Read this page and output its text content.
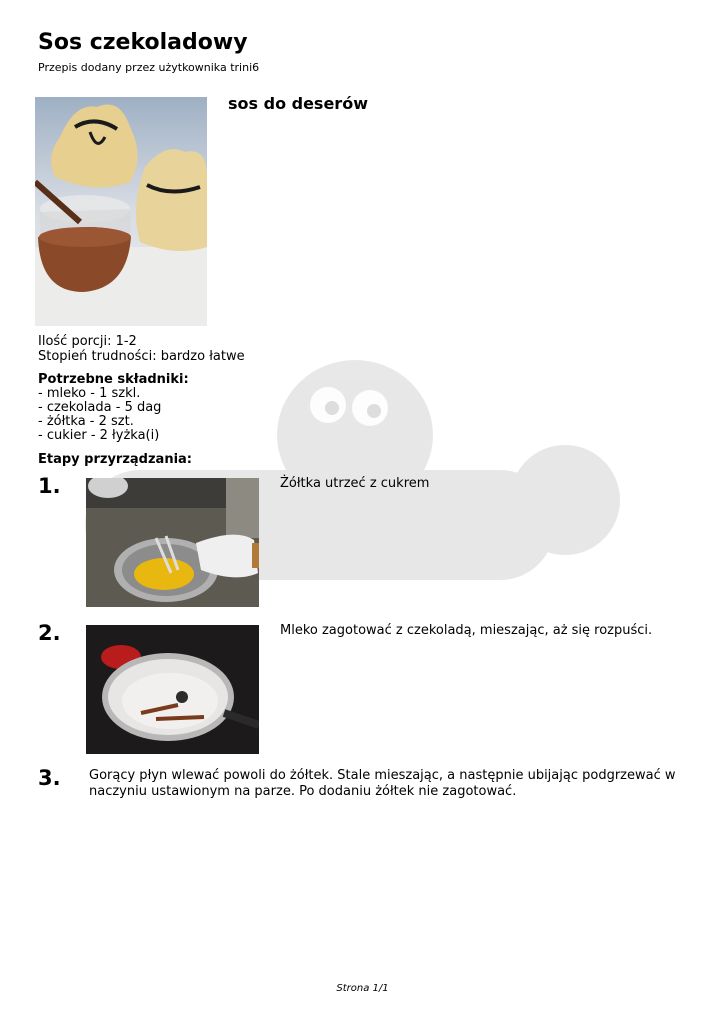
Sos czekoladowy
Przepis dodany przez użytkownika trini6
sos do deserów
Ilość porcji: 1-2
Stopień trudności: bardzo łatwe
Potrzebne składniki:
- mleko - 1 szkl.
- czekolada - 5 dag
- żółtka - 2 szt.
- cukier - 2 łyżka(i)
Etapy przyrządzania:
1.	Żółtka utrzeć z cukrem
2.	Mleko zagotować z czekoladą, mieszając, aż się rozpuści.
3. Gorący płyn wlewać powoli do żółtek. Stale mieszając, a następnie ubijając podgrzewać w naczyniu ustawionym na parze. Po dodaniu żółtek nie zagotować.
Strona 1/1
